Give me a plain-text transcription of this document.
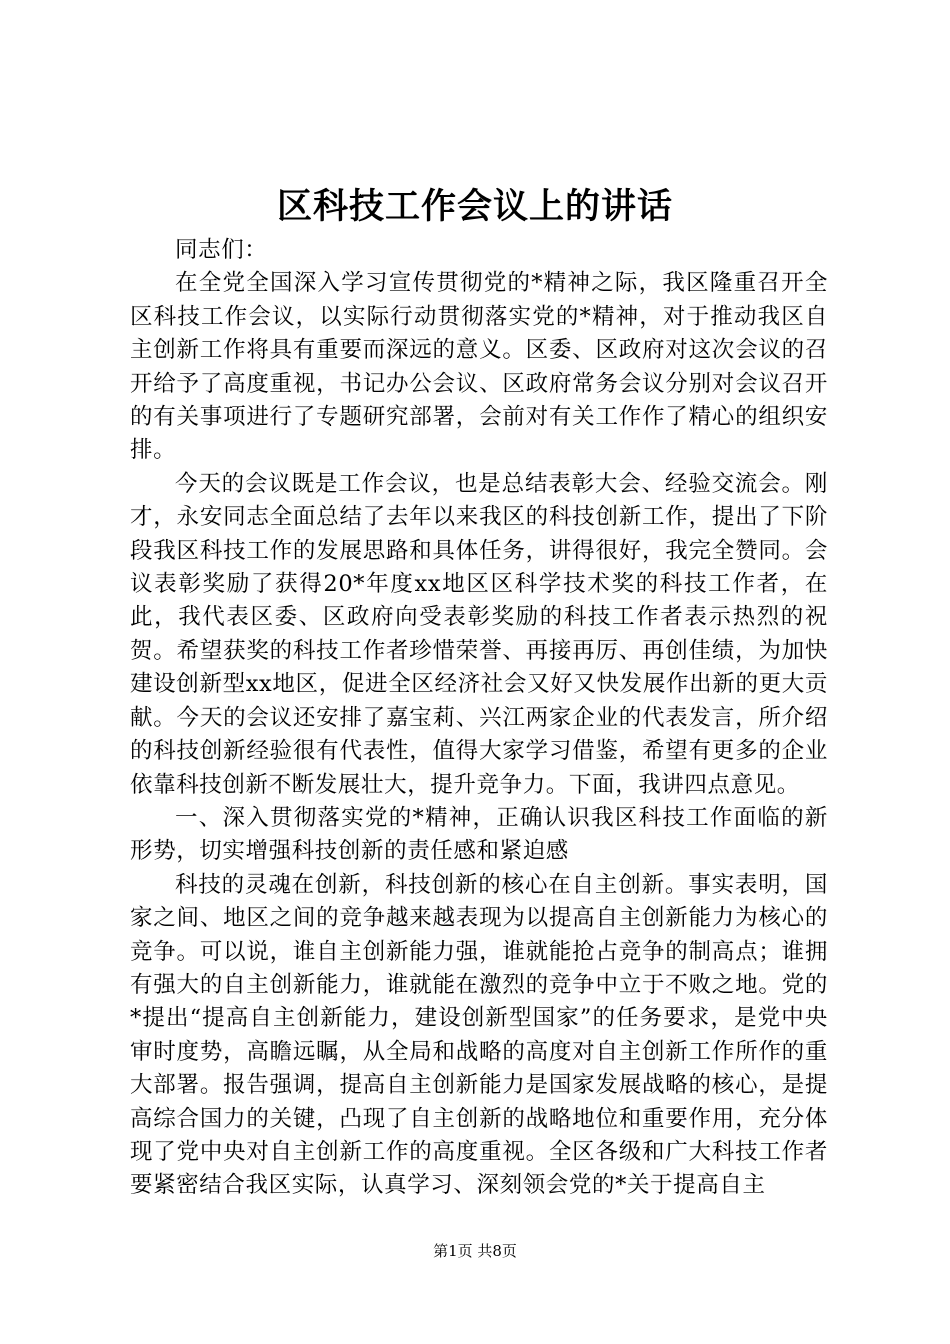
区科技工作会议上的讲话

同志们：

在全党全国深入学习宣传贯彻党的*精神之际，我区隆重召开全区科技工作会议，以实际行动贯彻落实党的*精神，对于推动我区自主创新工作将具有重要而深远的意义。区委、区政府对这次会议的召开给予了高度重视，书记办公会议、区政府常务会议分别对会议召开的有关事项进行了专题研究部署，会前对有关工作作了精心的组织安排。

今天的会议既是工作会议，也是总结表彰大会、经验交流会。刚才，永安同志全面总结了去年以来我区的科技创新工作，提出了下阶段我区科技工作的发展思路和具体任务，讲得很好，我完全赞同。会议表彰奖励了获得20*年度xx地区区科学技术奖的科技工作者，在此，我代表区委、区政府向受表彰奖励的科技工作者表示热烈的祝贺。希望获奖的科技工作者珍惜荣誉、再接再厉、再创佳绩，为加快建设创新型xx地区，促进全区经济社会又好又快发展作出新的更大贡献。今天的会议还安排了嘉宝莉、兴江两家企业的代表发言，所介绍的科技创新经验很有代表性，值得大家学习借鉴，希望有更多的企业依靠科技创新不断发展壮大，提升竞争力。下面，我讲四点意见。

一、深入贯彻落实党的*精神，正确认识我区科技工作面临的新形势，切实增强科技创新的责任感和紧迫感

科技的灵魂在创新，科技创新的核心在自主创新。事实表明，国家之间、地区之间的竞争越来越表现为以提高自主创新能力为核心的竞争。可以说，谁自主创新能力强，谁就能抢占竞争的制高点；谁拥有强大的自主创新能力，谁就能在激烈的竞争中立于不败之地。党的*提出“提高自主创新能力，建设创新型国家”的任务要求，是党中央审时度势，高瞻远瞩，从全局和战略的高度对自主创新工作所作的重大部署。报告强调，提高自主创新能力是国家发展战略的核心，是提高综合国力的关键，凸现了自主创新的战略地位和重要作用，充分体现了党中央对自主创新工作的高度重视。全区各级和广大科技工作者要紧密结合我区实际，认真学习、深刻领会党的*关于提高自主

第1页 共8页
